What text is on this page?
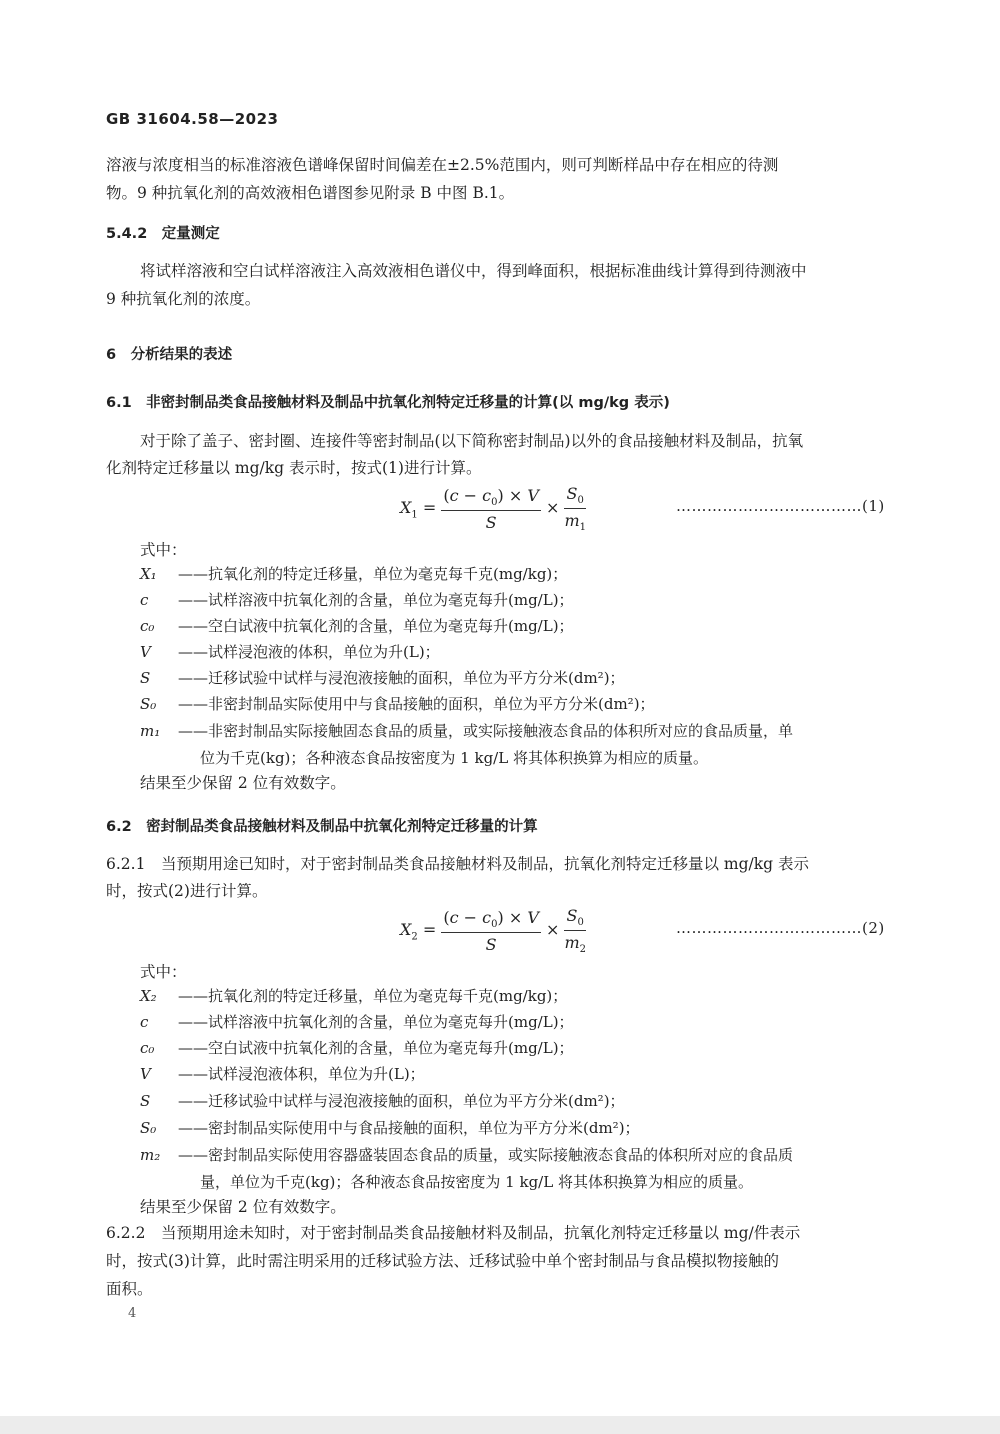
GB 31604.58—2023
溶液与浓度相当的标准溶液色谱峰保留时间偏差在±2.5%范围内，则可判断样品中存在相应的待测
物。9 种抗氧化剂的高效液相色谱图参见附录 B 中图 B.1。
5.4.2　定量测定
将试样溶液和空白试样溶液注入高效液相色谱仪中，得到峰面积，根据标准曲线计算得到待测液中
9 种抗氧化剂的浓度。
6　分析结果的表述
6.1　非密封制品类食品接触材料及制品中抗氧化剂特定迁移量的计算(以 mg/kg 表示)
对于除了盖子、密封圈、连接件等密封制品(以下简称密封制品)以外的食品接触材料及制品，抗氧
化剂特定迁移量以 mg/kg 表示时，按式(1)进行计算。
$X_1 = \frac{(c - c_0) \times V}{S} \times \frac{S_0}{m_1}$	………………………………(1)
式中：
X₁ ——抗氧化剂的特定迁移量，单位为毫克每千克(mg/kg)；
c ——试样溶液中抗氧化剂的含量，单位为毫克每升(mg/L)；
c₀ ——空白试液中抗氧化剂的含量，单位为毫克每升(mg/L)；
V ——试样浸泡液的体积，单位为升(L)；
S ——迁移试验中试样与浸泡液接触的面积，单位为平方分米(dm²)；
S₀ ——非密封制品实际使用中与食品接触的面积，单位为平方分米(dm²)；
m₁ ——非密封制品实际接触固态食品的质量，或实际接触液态食品的体积所对应的食品质量，单
位为千克(kg)；各种液态食品按密度为 1 kg/L 将其体积换算为相应的质量。
结果至少保留 2 位有效数字。
6.2　密封制品类食品接触材料及制品中抗氧化剂特定迁移量的计算
6.2.1　当预期用途已知时，对于密封制品类食品接触材料及制品，抗氧化剂特定迁移量以 mg/kg 表示
时，按式(2)进行计算。
$X_2 = \frac{(c - c_0) \times V}{S} \times \frac{S_0}{m_2}$	………………………………(2)
式中：
X₂ ——抗氧化剂的特定迁移量，单位为毫克每千克(mg/kg)；
c ——试样溶液中抗氧化剂的含量，单位为毫克每升(mg/L)；
c₀ ——空白试液中抗氧化剂的含量，单位为毫克每升(mg/L)；
V ——试样浸泡液体积，单位为升(L)；
S ——迁移试验中试样与浸泡液接触的面积，单位为平方分米(dm²)；
S₀ ——密封制品实际使用中与食品接触的面积，单位为平方分米(dm²)；
m₂ ——密封制品实际使用容器盛装固态食品的质量，或实际接触液态食品的体积所对应的食品质
量，单位为千克(kg)；各种液态食品按密度为 1 kg/L 将其体积换算为相应的质量。
结果至少保留 2 位有效数字。
6.2.2　当预期用途未知时，对于密封制品类食品接触材料及制品，抗氧化剂特定迁移量以 mg/件表示
时，按式(3)计算，此时需注明采用的迁移试验方法、迁移试验中单个密封制品与食品模拟物接触的
面积。
4
